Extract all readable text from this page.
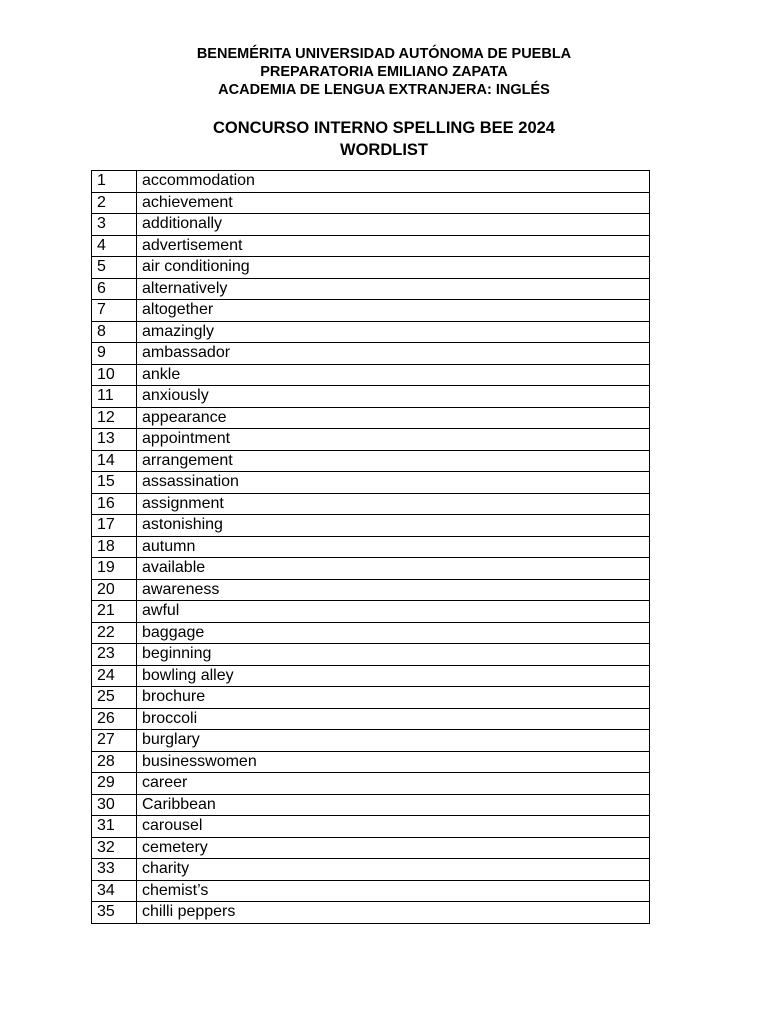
BENEMÉRITA UNIVERSIDAD AUTÓNOMA DE PUEBLA
PREPARATORIA EMILIANO ZAPATA
ACADEMIA DE LENGUA EXTRANJERA: INGLÉS
CONCURSO INTERNO SPELLING BEE 2024
WORDLIST
1	accommodation
2	achievement
3	additionally
4	advertisement
5	air conditioning
6	alternatively
7	altogether
8	amazingly
9	ambassador
10	ankle
11	anxiously
12	appearance
13	appointment
14	arrangement
15	assassination
16	assignment
17	astonishing
18	autumn
19	available
20	awareness
21	awful
22	baggage
23	beginning
24	bowling alley
25	brochure
26	broccoli
27	burglary
28	businesswomen
29	career
30	Caribbean
31	carousel
32	cemetery
33	charity
34	chemist’s
35	chilli peppers
